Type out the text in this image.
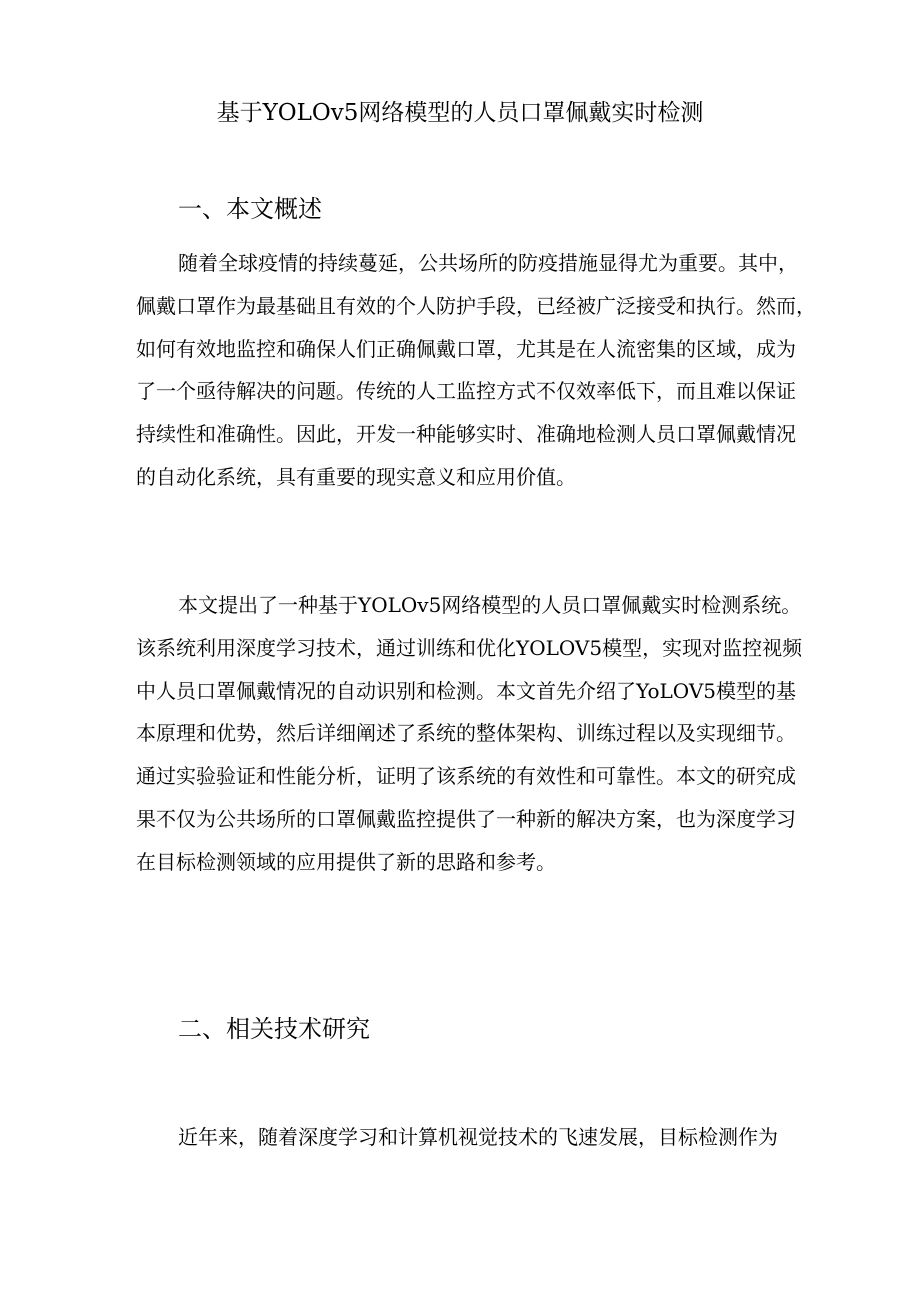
基于YOLOv5网络模型的人员口罩佩戴实时检测
一、本文概述
随着全球疫情的持续蔓延，公共场所的防疫措施显得尤为重要。其中，
佩戴口罩作为最基础且有效的个人防护手段，已经被广泛接受和执行。然而，
如何有效地监控和确保人们正确佩戴口罩，尤其是在人流密集的区域，成为
了一个亟待解决的问题。传统的人工监控方式不仅效率低下，而且难以保证
持续性和准确性。因此，开发一种能够实时、准确地检测人员口罩佩戴情况
的自动化系统，具有重要的现实意义和应用价值。
本文提出了一种基于YOLOv5网络模型的人员口罩佩戴实时检测系统。
该系统利用深度学习技术，通过训练和优化YOLOV5模型，实现对监控视频
中人员口罩佩戴情况的自动识别和检测。本文首先介绍了YoLOV5模型的基
本原理和优势，然后详细阐述了系统的整体架构、训练过程以及实现细节。
通过实验验证和性能分析，证明了该系统的有效性和可靠性。本文的研究成
果不仅为公共场所的口罩佩戴监控提供了一种新的解决方案，也为深度学习
在目标检测领域的应用提供了新的思路和参考。
二、相关技术研究
近年来，随着深度学习和计算机视觉技术的飞速发展，目标检测作为
